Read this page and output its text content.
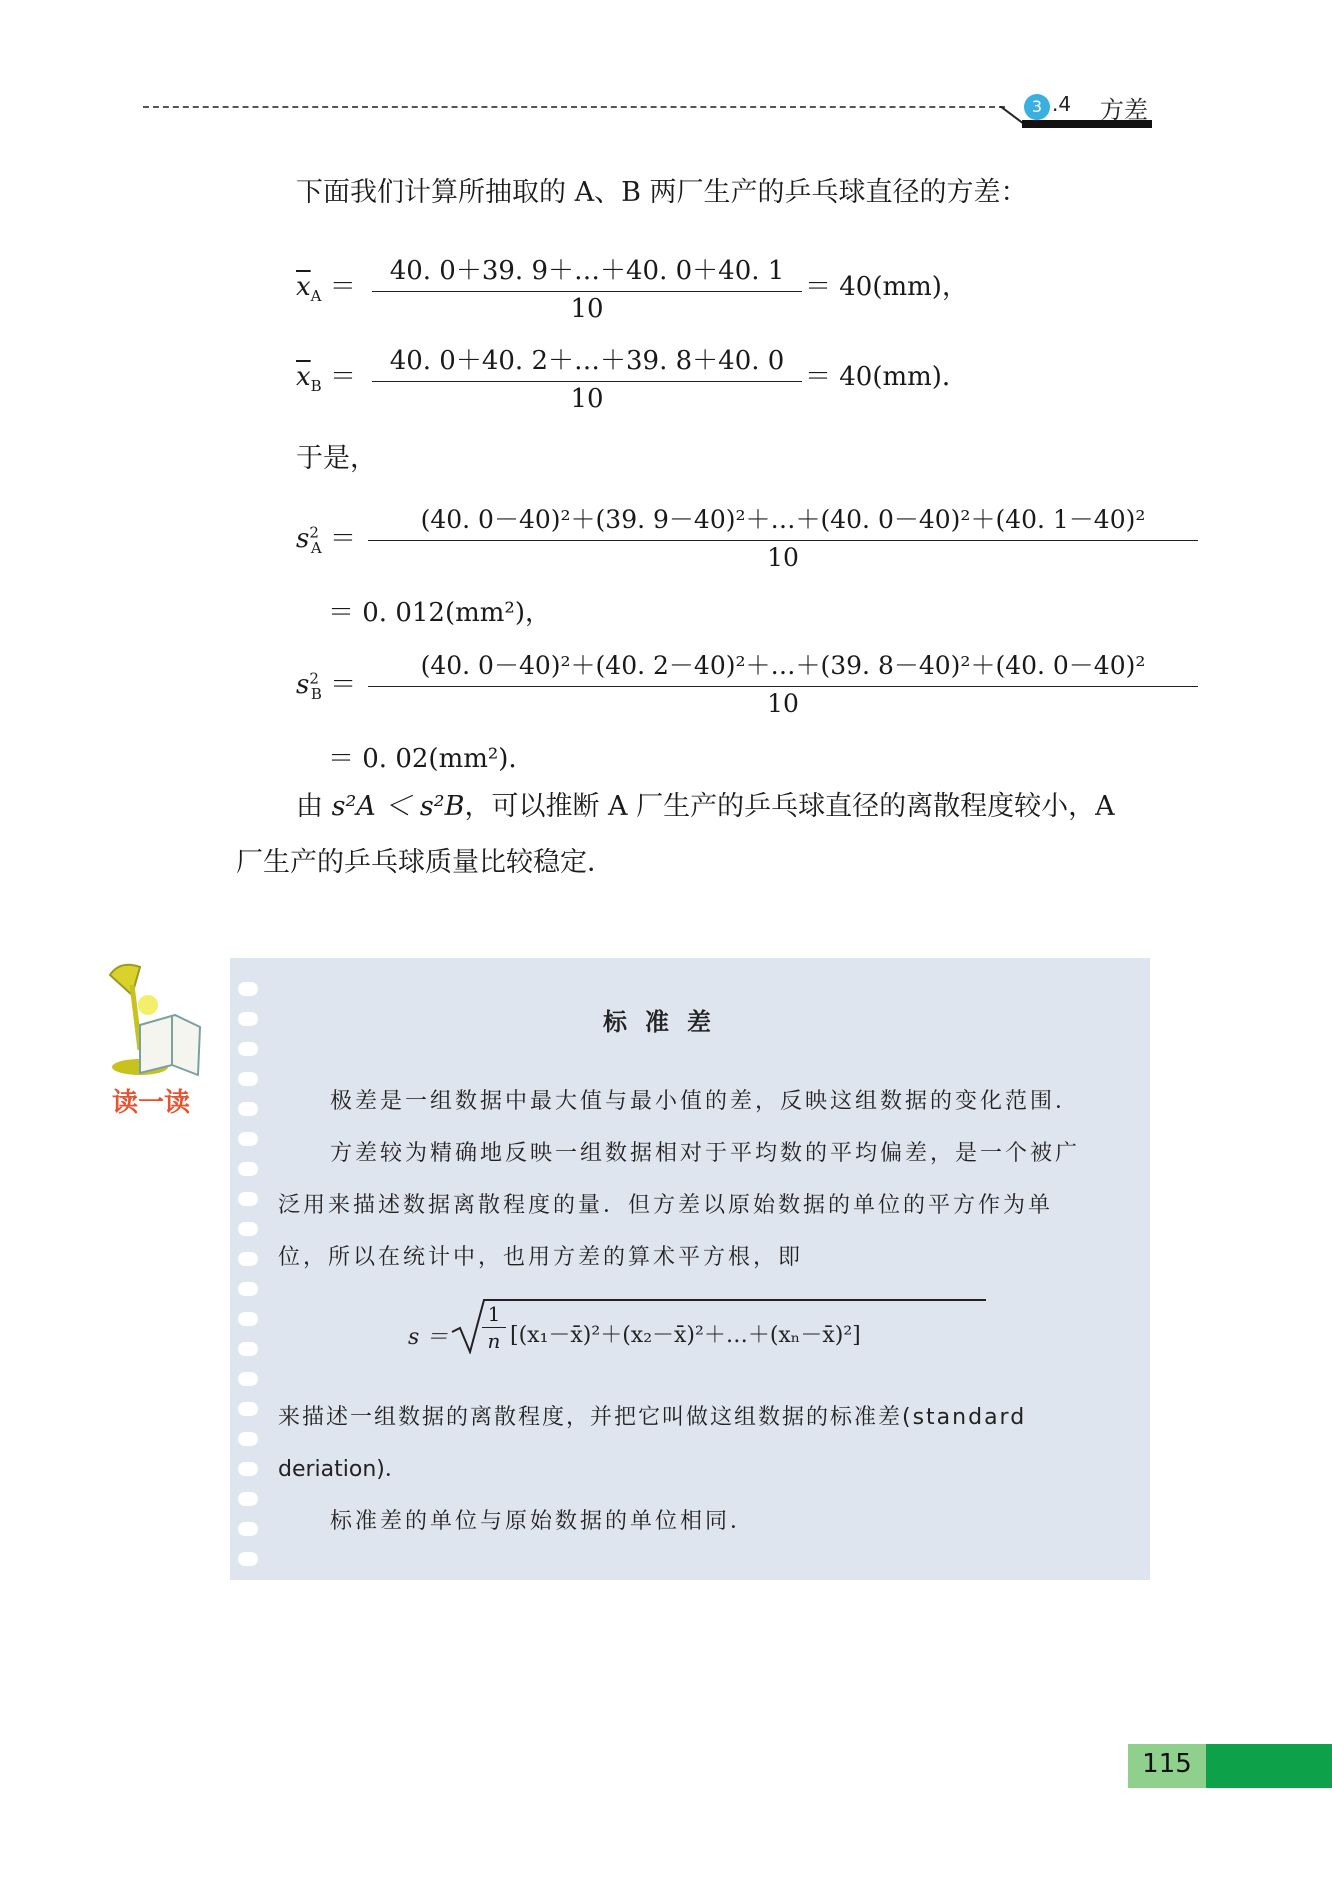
3 .4 方差
下面我们计算所抽取的 A、B 两厂生产的乒乓球直径的方差：
$\overline{x}_A$ ＝
40. 0＋39. 9＋…＋40. 0＋40. 1
10
＝ 40(mm)，
$\overline{x}_B$ ＝
40. 0＋40. 2＋…＋39. 8＋40. 0
10
＝ 40(mm)．
于是，
$s^2_A$ ＝
(40. 0－40)²＋(39. 9－40)²＋…＋(40. 0－40)²＋(40. 1－40)²
10
＝ 0. 012(mm²)，
$s^2_B$ ＝
(40. 0－40)²＋(40. 2－40)²＋…＋(39. 8－40)²＋(40. 0－40)²
10
＝ 0. 02(mm²)．
由 s²A ＜ s²B，可以推断 A 厂生产的乒乓球直径的离散程度较小，A
厂生产的乒乓球质量比较稳定．
读一读
标准差
极差是一组数据中最大值与最小值的差，反映这组数据的变化范围．
方差较为精确地反映一组数据相对于平均数的平均偏差，是一个被广
泛用来描述数据离散程度的量．但方差以原始数据的单位的平方作为单
位，所以在统计中，也用方差的算术平方根，即
s ＝
1
n [(x₁－x̄)²＋(x₂－x̄)²＋…＋(xₙ－x̄)²]
来描述一组数据的离散程度，并把它叫做这组数据的标准差(standard
deriation)．
标准差的单位与原始数据的单位相同．
115
